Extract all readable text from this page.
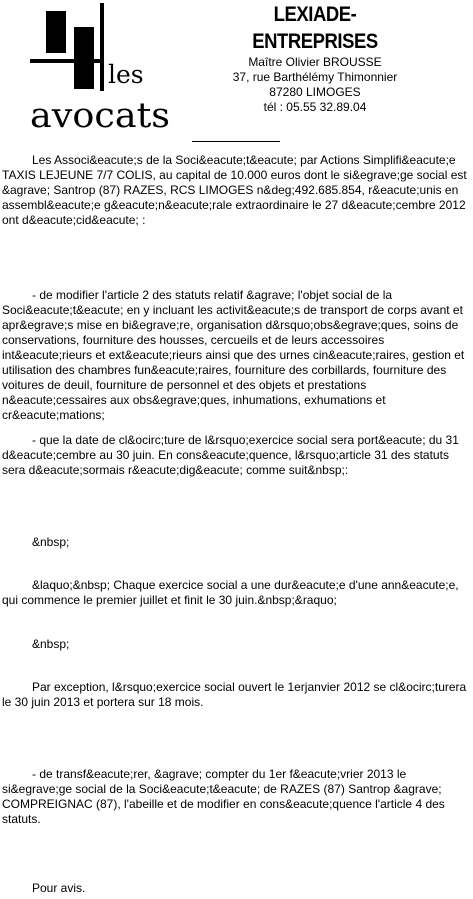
les
avocats
LEXIADE-ENTREPRISES
Maître Olivier BROUSSE
37, rue Barthélémy Thimonnier
87280 LIMOGES
tél : 05.55 32.89.04

Les Associ&eacute;s de la Soci&eacute;t&eacute; par Actions Simplifi&eacute;e TAXIS LEJEUNE 7/7 COLIS, au capital de 10.000 euros dont le si&egrave;ge social est &agrave; Santrop (87) RAZES, RCS LIMOGES n&deg;492.685.854, r&eacute;unis en assembl&eacute;e g&eacute;n&eacute;rale extraordinaire le 27 d&eacute;cembre 2012 ont d&eacute;cid&eacute; :

- de modifier l'article 2 des statuts relatif &agrave; l'objet social de la Soci&eacute;t&eacute; en y incluant les activit&eacute;s de transport de corps avant et apr&egrave;s mise en bi&egrave;re, organisation d&rsquo;obs&egrave;ques, soins de conservations, fourniture des housses, cercueils et de leurs accessoires int&eacute;rieurs et ext&eacute;rieurs ainsi que des urnes cin&eacute;raires, gestion et utilisation des chambres fun&eacute;raires, fourniture des corbillards, fourniture des voitures de deuil, fourniture de personnel et des objets et prestations n&eacute;cessaires aux obs&egrave;ques, inhumations, exhumations et cr&eacute;mations;

- que la date de cl&ocirc;ture de l&rsquo;exercice social sera port&eacute; du 31 d&eacute;cembre au 30 juin. En cons&eacute;quence, l&rsquo;article 31 des statuts sera d&eacute;sormais r&eacute;dig&eacute; comme suit&nbsp;:

&nbsp;

&laquo;&nbsp; Chaque exercice social a une dur&eacute;e d'une ann&eacute;e, qui commence le premier juillet et finit le 30 juin.&nbsp;&raquo;

&nbsp;

Par exception, l&rsquo;exercice social ouvert le 1erjanvier 2012 se cl&ocirc;turera le 30 juin 2013 et portera sur 18 mois.

- de transf&eacute;rer, &agrave; compter du 1er f&eacute;vrier 2013 le si&egrave;ge social de la Soci&eacute;t&eacute; de RAZES (87) Santrop &agrave; COMPREIGNAC (87), l'abeille et de modifier en cons&eacute;quence l'article 4 des statuts.

Pour avis.
